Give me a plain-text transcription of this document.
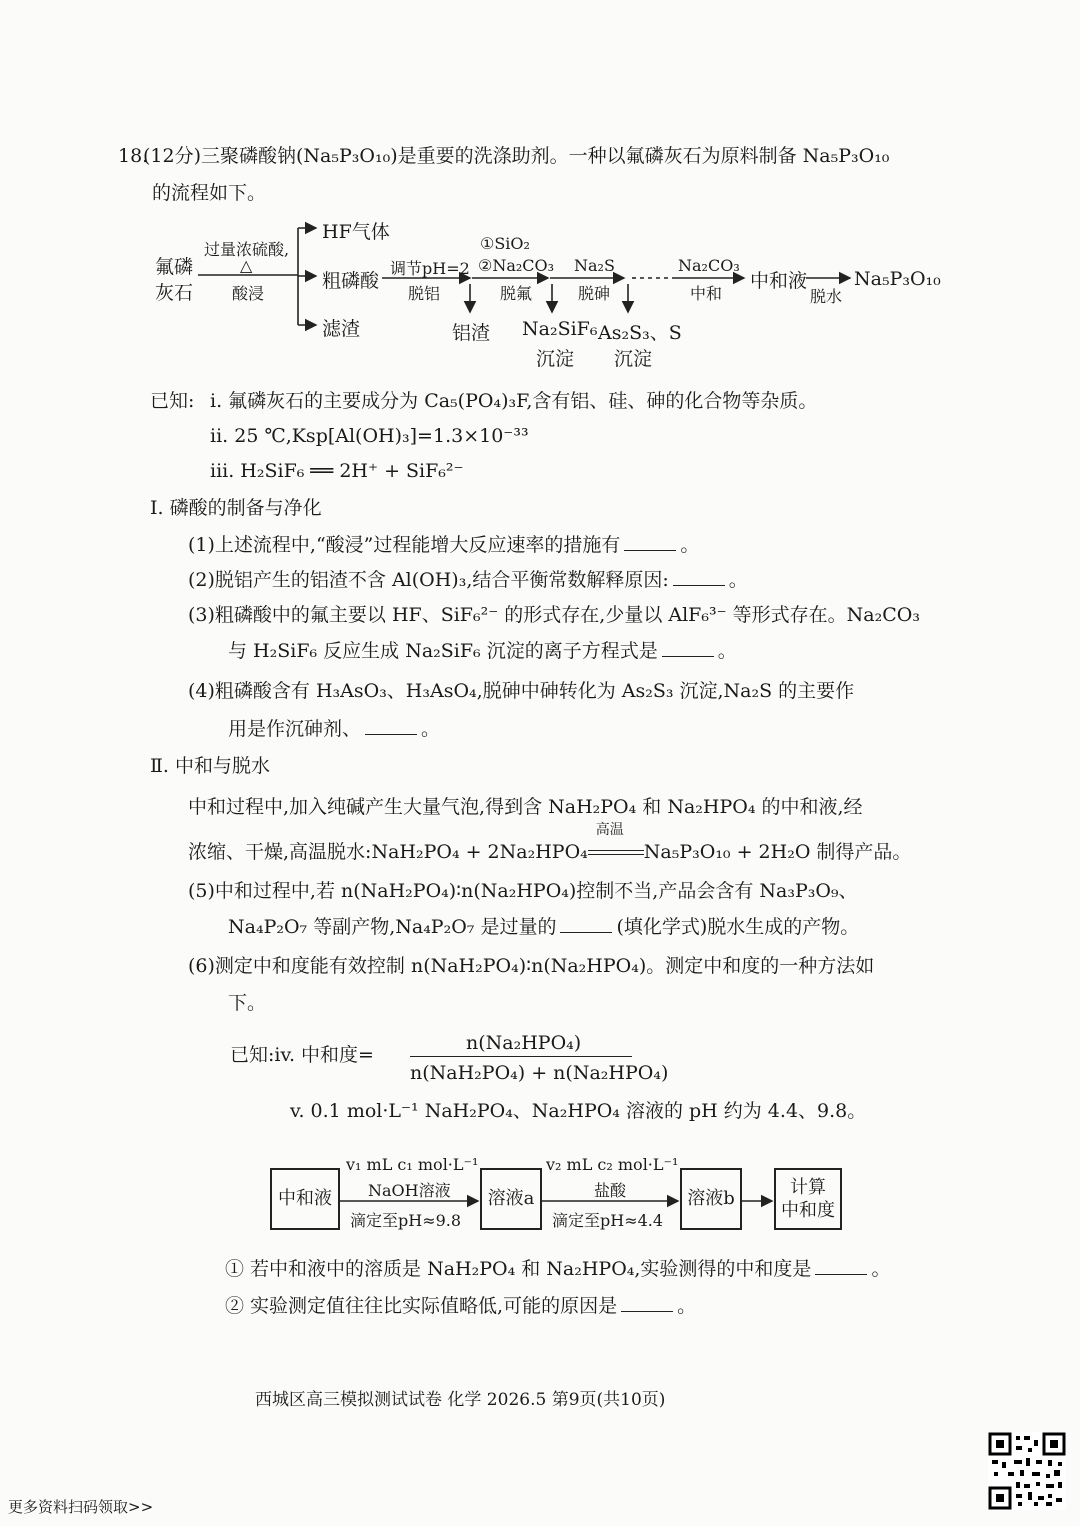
18.
(12分)三聚磷酸钠(Na₅P₃O₁₀)是重要的洗涤助剂。一种以氟磷灰石为原料制备 Na₅P₃O₁₀
的流程如下。
氟磷
灰石
过量浓硫酸,
△
酸浸
HF气体
粗磷酸
滤渣
调节pH=2
脱铝
①SiO₂
②Na₂CO₃
脱氟
Na₂S
脱砷
Na₂CO₃
中和
中和液
脱水
Na₅P₃O₁₀
铝渣 Na₂SiF₆
沉淀
As₂S₃、S
沉淀
已知: i. 氟磷灰石的主要成分为 Ca₅(PO₄)₃F,含有铝、硅、砷的化合物等杂质。
ii. 25 ℃,Ksp[Al(OH)₃]=1.3×10⁻³³
iii. H₂SiF₆ ══ 2H⁺ + SiF₆²⁻
Ⅰ. 磷酸的制备与净化
(1)上述流程中,“酸浸”过程能增大反应速率的措施有	。
(2)脱铝产生的铝渣不含 Al(OH)₃,结合平衡常数解释原因:	。
(3)粗磷酸中的氟主要以 HF、SiF₆²⁻ 的形式存在,少量以 AlF₆³⁻ 等形式存在。Na₂CO₃
与 H₂SiF₆ 反应生成 Na₂SiF₆ 沉淀的离子方程式是	。
(4)粗磷酸含有 H₃AsO₃、H₃AsO₄,脱砷中砷转化为 As₂S₃ 沉淀,Na₂S 的主要作
用是作沉砷剂、	。
Ⅱ. 中和与脱水
中和过程中,加入纯碱产生大量气泡,得到含 NaH₂PO₄ 和 Na₂HPO₄ 的中和液,经
浓缩、干燥,高温脱水:NaH₂PO₄ + 2Na₂HPO₄
高温
Na₅P₃O₁₀ + 2H₂O 制得产品。
(5)中和过程中,若 n(NaH₂PO₄)∶n(Na₂HPO₄)控制不当,产品会含有 Na₃P₃O₉、
Na₄P₂O₇ 等副产物,Na₄P₂O₇ 是过量的	(填化学式)脱水生成的产物。
(6)测定中和度能有效控制 n(NaH₂PO₄)∶n(Na₂HPO₄)。测定中和度的一种方法如
下。
已知:iv. 中和度=
n(Na₂HPO₄)
n(NaH₂PO₄) + n(Na₂HPO₄)
v. 0.1 mol·L⁻¹ NaH₂PO₄、Na₂HPO₄ 溶液的 pH 约为 4.4、9.8。
中和液
v₁ mL c₁ mol·L⁻¹
NaOH溶液
滴定至pH≈9.8
溶液a
v₂ mL c₂ mol·L⁻¹
盐酸
滴定至pH≈4.4
溶液b
计算
中和度
① 若中和液中的溶质是 NaH₂PO₄ 和 Na₂HPO₄,实验测得的中和度是	。
② 实验测定值往往比实际值略低,可能的原因是	。
西城区高三模拟测试试卷 化学 2026.5 第9页(共10页)
更多资料扫码领取>>
